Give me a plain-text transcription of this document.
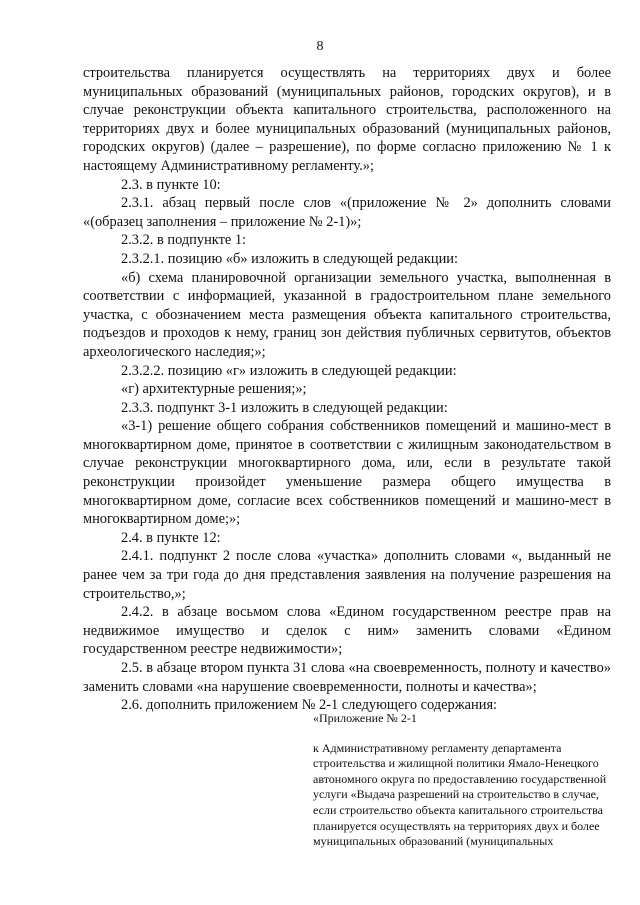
8

строительства планируется осуществлять на территориях двух и более муниципальных образований (муниципальных районов, городских округов), и в случае реконструкции объекта капитального строительства, расположенного на территориях двух и более муниципальных образований (муниципальных районов, городских округов) (далее – разрешение), по форме согласно приложению № 1 к настоящему Административному регламенту.»;

2.3. в пункте 10:

2.3.1. абзац первый после слов «(приложение № 2» дополнить словами «(образец заполнения – приложение № 2-1)»;

2.3.2. в подпункте 1:

2.3.2.1. позицию «б» изложить в следующей редакции:

«б) схема планировочной организации земельного участка, выполненная в соответствии с информацией, указанной в градостроительном плане земельного участка, с обозначением места размещения объекта капитального строительства, подъездов и проходов к нему, границ зон действия публичных сервитутов, объектов археологического наследия;»;

2.3.2.2. позицию «г» изложить в следующей редакции:

«г) архитектурные решения;»;

2.3.3. подпункт 3-1 изложить в следующей редакции:

«3-1) решение общего собрания собственников помещений и машино-мест в многоквартирном доме, принятое в соответствии с жилищным законодательством в случае реконструкции многоквартирного дома, или, если в результате такой реконструкции произойдет уменьшение размера общего имущества в многоквартирном доме, согласие всех собственников помещений и машино-мест в многоквартирном доме;»;

2.4. в пункте 12:

2.4.1. подпункт 2 после слова «участка» дополнить словами «, выданный не ранее чем за три года до дня представления заявления на получение разрешения на строительство,»;

2.4.2. в абзаце восьмом слова «Едином государственном реестре прав на недвижимое имущество и сделок с ним» заменить словами «Едином государственном реестре недвижимости»;

2.5. в абзаце втором пункта 31 слова «на своевременность, полноту и качество» заменить словами «на нарушение своевременности, полноты и качества»;

2.6. дополнить приложением № 2-1 следующего содержания:

«Приложение № 2-1

к Административному регламенту департамента строительства и жилищной политики Ямало-Ненецкого автономного округа по предоставлению государственной услуги «Выдача разрешений на строительство в случае, если строительство объекта капитального строительства планируется осуществлять на территориях двух и более муниципальных образований (муниципальных
